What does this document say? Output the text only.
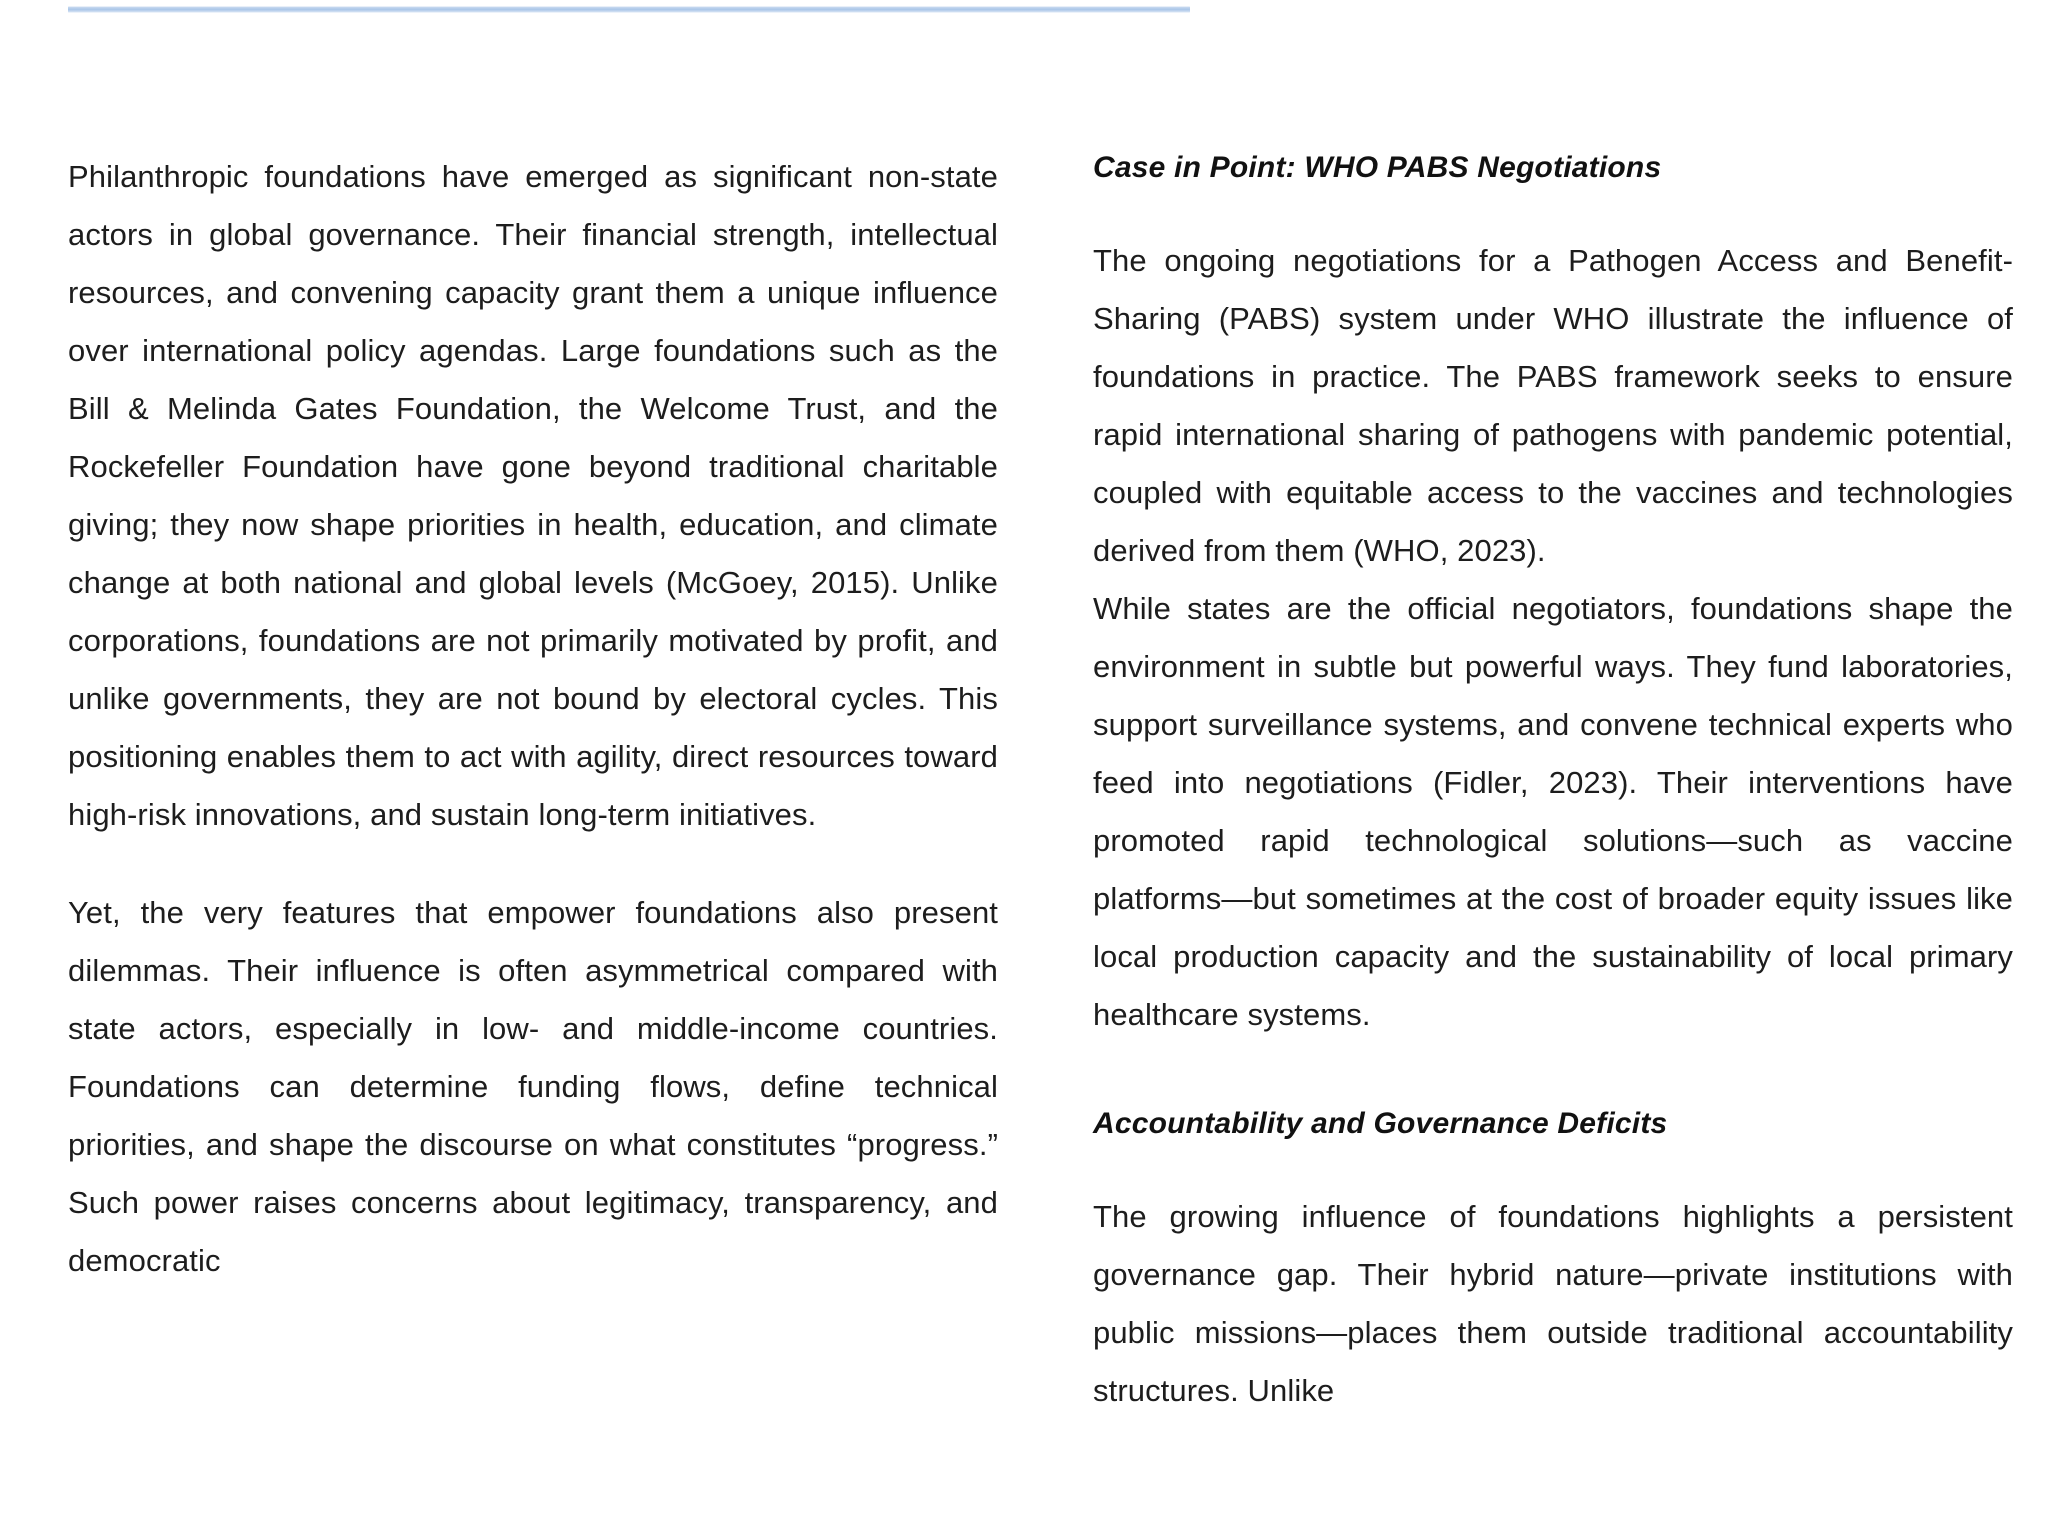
Philanthropic foundations have emerged as significant non-state actors in global governance. Their financial strength, intellectual resources, and convening capacity grant them a unique influence over international policy agendas. Large foundations such as the Bill & Melinda Gates Foundation, the Welcome Trust, and the Rockefeller Foundation have gone beyond traditional charitable giving; they now shape priorities in health, education, and climate change at both national and global levels (McGoey, 2015). Unlike corporations, foundations are not primarily motivated by profit, and unlike governments, they are not bound by electoral cycles. This positioning enables them to act with agility, direct resources toward high-risk innovations, and sustain long-term initiatives.

Yet, the very features that empower foundations also present dilemmas. Their influence is often asymmetrical compared with state actors, especially in low- and middle-income countries. Foundations can determine funding flows, define technical priorities, and shape the discourse on what constitutes “progress.” Such power raises concerns about legitimacy, transparency, and democratic

Case in Point: WHO PABS Negotiations

The ongoing negotiations for a Pathogen Access and Benefit-Sharing (PABS) system under WHO illustrate the influence of foundations in practice. The PABS framework seeks to ensure rapid international sharing of pathogens with pandemic potential, coupled with equitable access to the vaccines and technologies derived from them (WHO, 2023).

While states are the official negotiators, foundations shape the environment in subtle but powerful ways. They fund laboratories, support surveillance systems, and convene technical experts who feed into negotiations (Fidler, 2023). Their interventions have promoted rapid technological solutions—such as vaccine platforms—but sometimes at the cost of broader equity issues like local production capacity and the sustainability of local primary healthcare systems.

Accountability and Governance Deficits

The growing influence of foundations highlights a persistent governance gap. Their hybrid nature—private institutions with public missions—places them outside traditional accountability structures. Unlike
